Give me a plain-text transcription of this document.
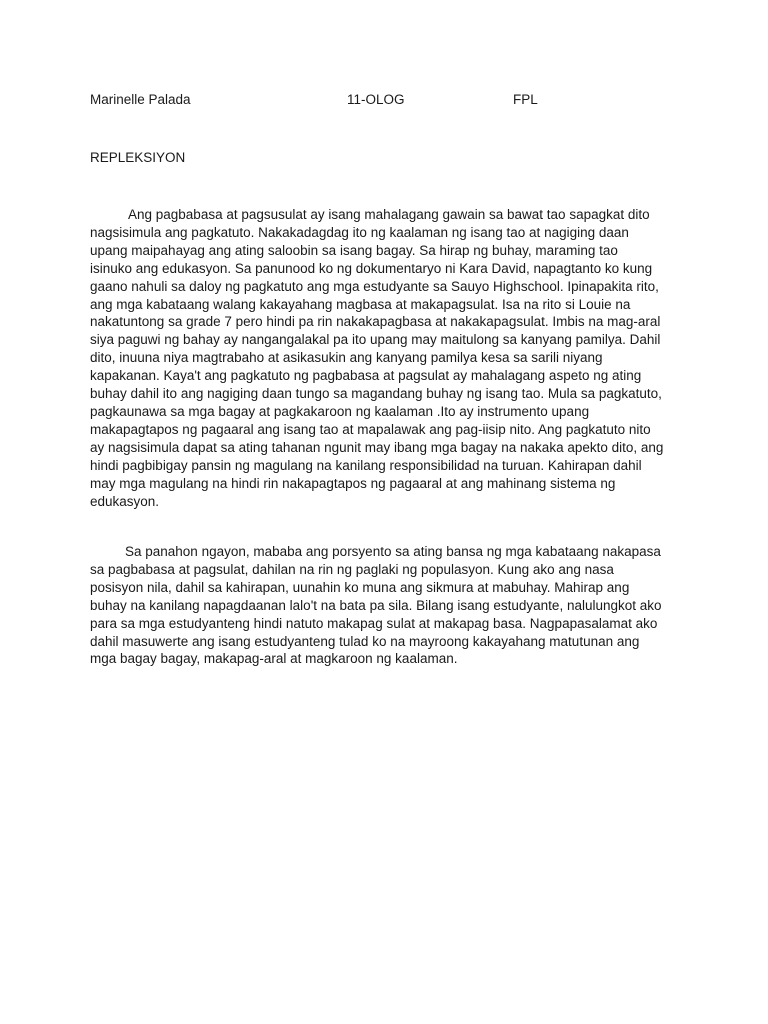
Marinelle Palada	11-OLOG	FPL
REPLEKSIYON
Ang pagbabasa at pagsusulat ay isang mahalagang gawain sa bawat tao sapagkat dito
nagsisimula ang pagkatuto. Nakakadagdag ito ng kaalaman ng isang tao at nagiging daan
upang maipahayag ang ating saloobin sa isang bagay. Sa hirap ng buhay, maraming tao
isinuko ang edukasyon. Sa panunood ko ng dokumentaryo ni Kara David, napagtanto ko kung
gaano nahuli sa daloy ng pagkatuto ang mga estudyante sa Sauyo Highschool. Ipinapakita rito,
ang mga kabataang walang kakayahang magbasa at makapagsulat. Isa na rito si Louie na
nakatuntong sa grade 7 pero hindi pa rin nakakapagbasa at nakakapagsulat. Imbis na mag-aral
siya paguwi ng bahay ay nangangalakal pa ito upang may maitulong sa kanyang pamilya. Dahil
dito, inuuna niya magtrabaho at asikasukin ang kanyang pamilya kesa sa sarili niyang
kapakanan. Kaya't ang pagkatuto ng pagbabasa at pagsulat ay mahalagang aspeto ng ating
buhay dahil ito ang nagiging daan tungo sa magandang buhay ng isang tao. Mula sa pagkatuto,
pagkaunawa sa mga bagay at pagkakaroon ng kaalaman .Ito ay instrumento upang
makapagtapos ng pagaaral ang isang tao at mapalawak ang pag-iisip nito. Ang pagkatuto nito
ay nagsisimula dapat sa ating tahanan ngunit may ibang mga bagay na nakaka apekto dito, ang
hindi pagbibigay pansin ng magulang na kanilang responsibilidad na turuan. Kahirapan dahil
may mga magulang na hindi rin nakapagtapos ng pagaaral at ang mahinang sistema ng
edukasyon.
Sa panahon ngayon, mababa ang porsyento sa ating bansa ng mga kabataang nakapasa
sa pagbabasa at pagsulat, dahilan na rin ng paglaki ng populasyon. Kung ako ang nasa
posisyon nila, dahil sa kahirapan, uunahin ko muna ang sikmura at mabuhay. Mahirap ang
buhay na kanilang napagdaanan lalo't na bata pa sila. Bilang isang estudyante, nalulungkot ako
para sa mga estudyanteng hindi natuto makapag sulat at makapag basa. Nagpapasalamat ako
dahil masuwerte ang isang estudyanteng tulad ko na mayroong kakayahang matutunan ang
mga bagay bagay, makapag-aral at magkaroon ng kaalaman.
